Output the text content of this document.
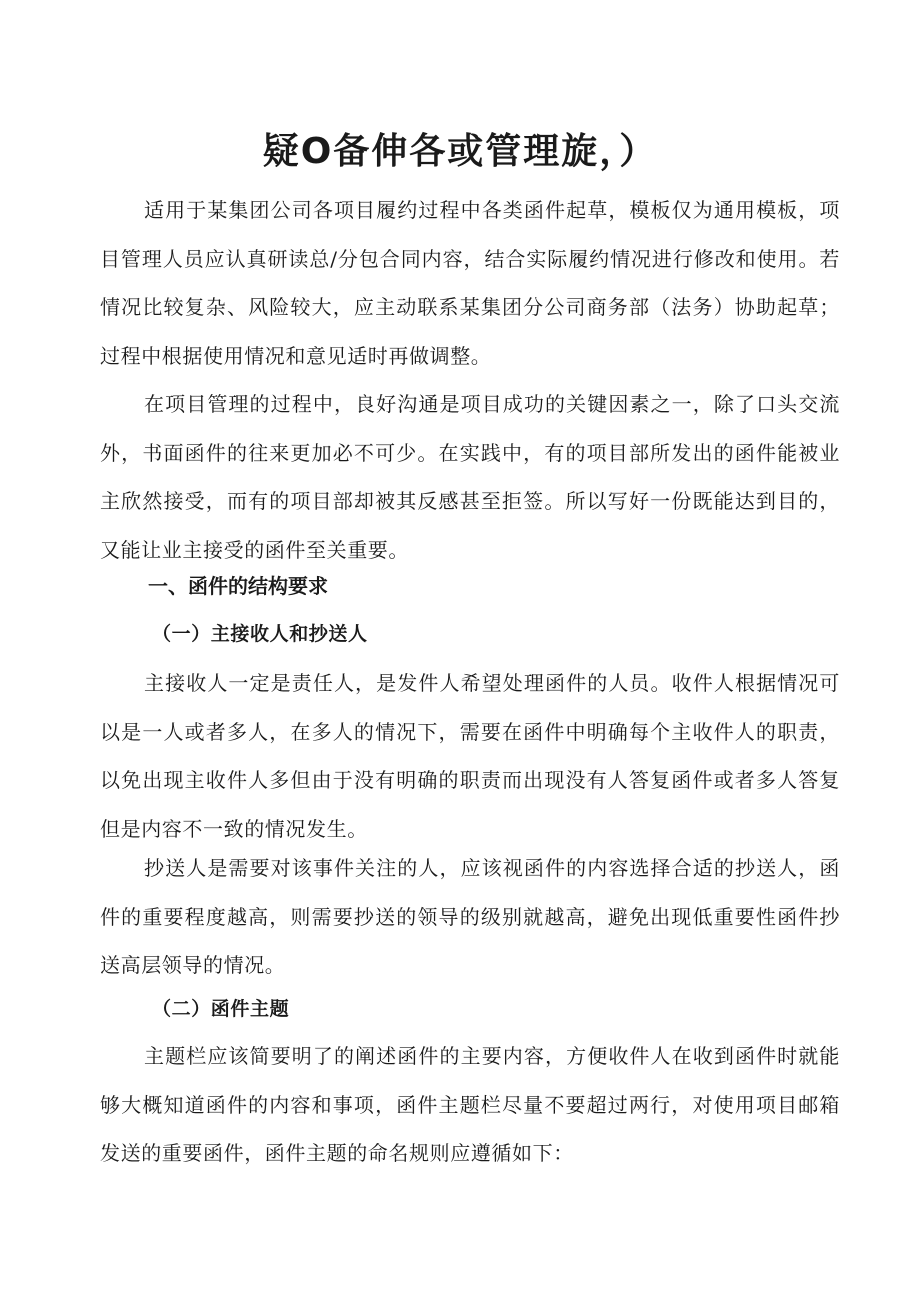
疑O备伸各或管理旋，）

适用于某集团公司各项目履约过程中各类函件起草，模板仅为通用模板，项目管理人员应认真研读总/分包合同内容，结合实际履约情况进行修改和使用。若情况比较复杂、风险较大，应主动联系某集团分公司商务部（法务）协助起草；过程中根据使用情况和意见适时再做调整。

在项目管理的过程中，良好沟通是项目成功的关键因素之一，除了口头交流外，书面函件的往来更加必不可少。在实践中，有的项目部所发出的函件能被业主欣然接受，而有的项目部却被其反感甚至拒签。所以写好一份既能达到目的，又能让业主接受的函件至关重要。

一、函件的结构要求
（一）主接收人和抄送人

主接收人一定是责任人，是发件人希望处理函件的人员。收件人根据情况可以是一人或者多人，在多人的情况下，需要在函件中明确每个主收件人的职责，以免出现主收件人多但由于没有明确的职责而出现没有人答复函件或者多人答复但是内容不一致的情况发生。

抄送人是需要对该事件关注的人，应该视函件的内容选择合适的抄送人，函件的重要程度越高，则需要抄送的领导的级别就越高，避免出现低重要性函件抄送高层领导的情况。

（二）函件主题

主题栏应该简要明了的阐述函件的主要内容，方便收件人在收到函件时就能够大概知道函件的内容和事项，函件主题栏尽量不要超过两行，对使用项目邮箱发送的重要函件，函件主题的命名规则应遵循如下：
